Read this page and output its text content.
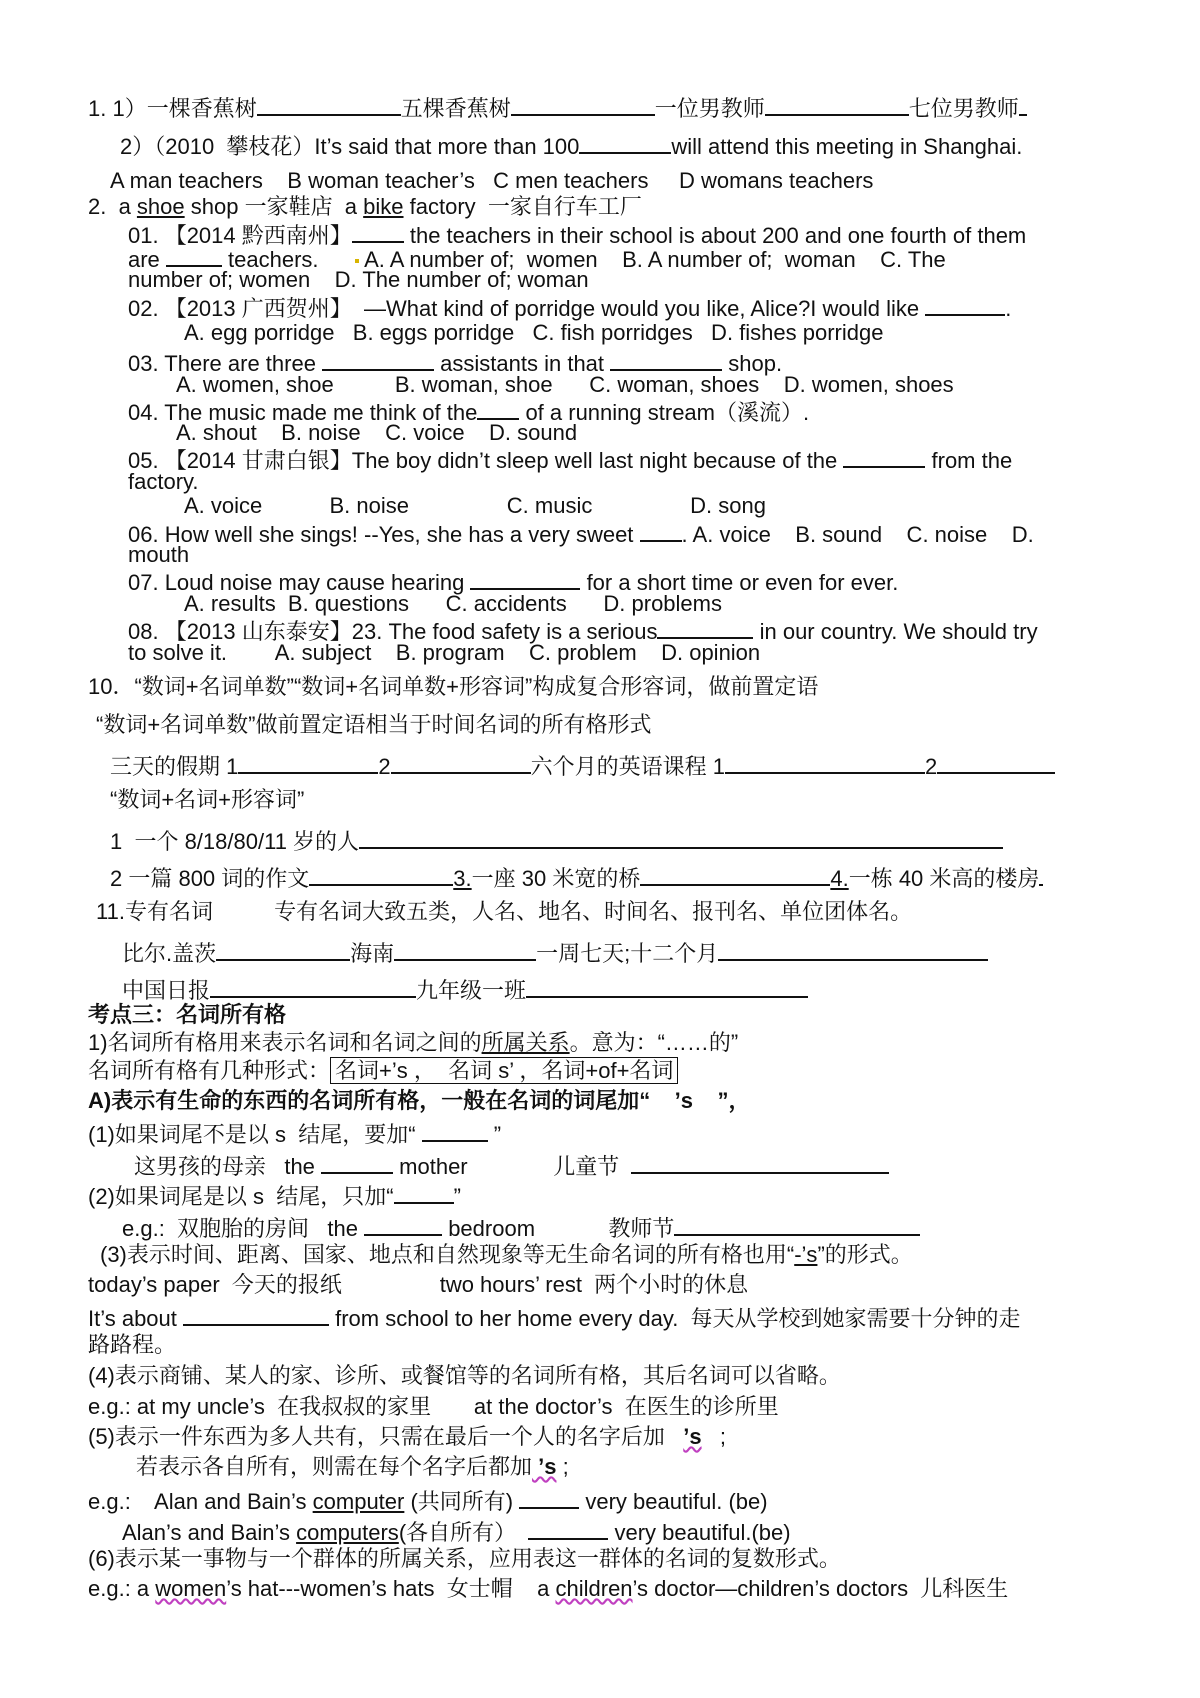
1. 1）一棵香蕉树	五棵香蕉树	一位男教师	七位男教师
2）（2010  攀枝花）It’s said that more than 100	will attend this meeting in Shanghai.
A man teachers    B woman teacher’s   C men teachers     D womans teachers
2.  a shoe shop 一家鞋店  a bike factory  一家自行车工厂
01. 【2014 黔西南州】 the teachers in their school is about 200 and one fourth of them
are	teachers.       A. A number of;  women    B. A number of;  woman    C. The
number of; women    D. The number of; woman
02. 【2013 广西贺州】  —What kind of porridge would you like, Alice?I would like	.
A. egg porridge   B. eggs porridge   C. fish porridges   D. fishes porridge
03. There are three	assistants in that	shop.
A. women, shoe          B. woman, shoe      C. woman, shoes    D. women, shoes
04. The music made me think of the of a running stream（溪流）.
A. shout    B. noise    C. voice    D. sound
05. 【2014 甘肃白银】The boy didn’t sleep well last night because of the	from the
factory.
A. voice           B. noise                C. music                D. song
06. How well she sings! --Yes, she has a very sweet . A. voice    B. sound    C. noise    D.
mouth
07. Loud noise may cause hearing	for a short time or even for ever.
A. results  B. questions      C. accidents      D. problems
08. 【2013 山东泰安】23. The food safety is a serious	in our country. We should try
to solve it.        A. subject    B. program    C. problem    D. opinion
10．“数词+名词单数”“数词+名词单数+形容词”构成复合形容词，做前置定语
“数词+名词单数”做前置定语相当于时间名词的所有格形式
三天的假期 1	2	六个月的英语课程 1	2
“数词+名词+形容词”
1  一个 8/18/80/11 岁的人
2 一篇 800 词的作文	3.一座 30 米宽的桥	4.一栋 40 米高的楼房
11.专有名词          专有名词大致五类，人名、地名、时间名、报刊名、单位团体名。
比尔.盖茨	海南	一周七天;十二个月
中国日报	九年级一班
考点三：名词所有格
1)名词所有格用来表示名词和名词之间的所属关系。意为：“……的”
名词所有格有几种形式： 名词+’s ，  名词 s’ ，名词+of+名词
A)表示有生命的东西的名词所有格，一般在名词的词尾加“    ’s    ”，
(1)如果词尾不是以 s  结尾，要加“	”
这男孩的母亲   the	mother              儿童节
(2)如果词尾是以 s  结尾，只加“	”
e.g.:  双胞胎的房间   the	bedroom            教师节
(3)表示时间、距离、国家、地点和自然现象等无生命名词的所有格也用“-’s”的形式。
today’s paper  今天的报纸                two hours’ rest  两个小时的休息
It’s about	from school to her home every day.  每天从学校到她家需要十分钟的走
路路程。
(4)表示商铺、某人的家、诊所、或餐馆等的名词所有格，其后名词可以省略。
e.g.: at my uncle’s  在我叔叔的家里       at the doctor’s  在医生的诊所里
(5)表示一件东西为多人共有，只需在最后一个人的名字后加   ’s   ;
若表示各自所有，则需在每个名字后都加 ’s ;
e.g.:    Alan and Bain’s computer (共同所有)	very beautiful. (be)
Alan’s and Bain’s computers(各自所有）	very beautiful.(be)
(6)表示某一事物与一个群体的所属关系，应用表这一群体的名词的复数形式。
e.g.: a women’s hat---women’s hats  女士帽    a children’s doctor—children’s doctors  儿科医生
